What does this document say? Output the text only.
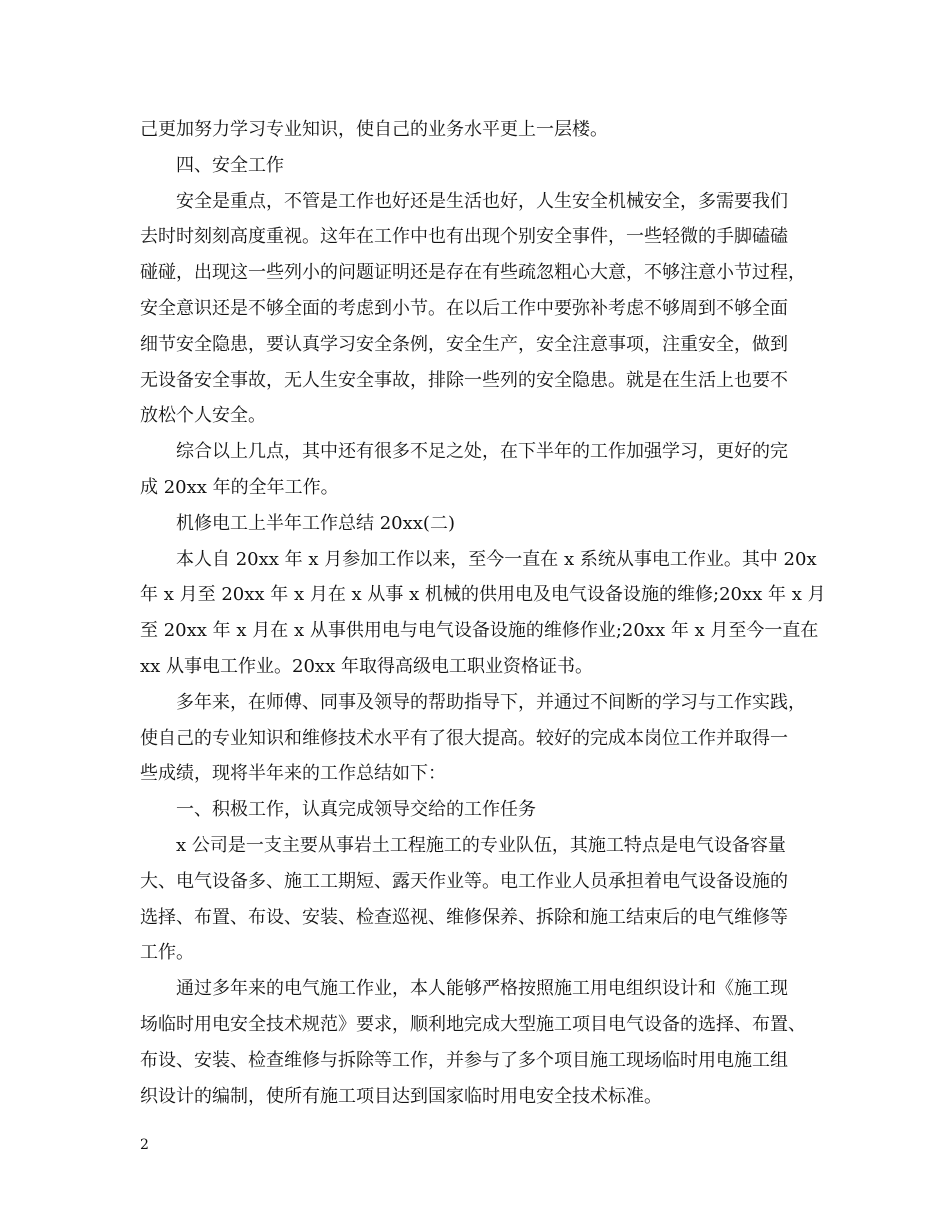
己更加努力学习专业知识，使自己的业务水平更上一层楼。
四、安全工作
安全是重点，不管是工作也好还是生活也好，人生安全机械安全，多需要我们
去时时刻刻高度重视。这年在工作中也有出现个别安全事件，一些轻微的手脚磕磕
碰碰，出现这一些列小的问题证明还是存在有些疏忽粗心大意，不够注意小节过程，
安全意识还是不够全面的考虑到小节。在以后工作中要弥补考虑不够周到不够全面
细节安全隐患，要认真学习安全条例，安全生产，安全注意事项，注重安全，做到
无设备安全事故，无人生安全事故，排除一些列的安全隐患。就是在生活上也要不
放松个人安全。
综合以上几点，其中还有很多不足之处，在下半年的工作加强学习，更好的完
成 20xx 年的全年工作。
机修电工上半年工作总结 20xx(二)
本人自 20xx 年 x 月参加工作以来，至今一直在 x 系统从事电工作业。其中 20x
年 x 月至 20xx 年 x 月在 x 从事 x 机械的供用电及电气设备设施的维修;20xx 年 x 月
至 20xx 年 x 月在 x 从事供用电与电气设备设施的维修作业;20xx 年 x 月至今一直在
xx 从事电工作业。20xx 年取得高级电工职业资格证书。
多年来，在师傅、同事及领导的帮助指导下，并通过不间断的学习与工作实践，
使自己的专业知识和维修技术水平有了很大提高。较好的完成本岗位工作并取得一
些成绩，现将半年来的工作总结如下：
一、积极工作，认真完成领导交给的工作任务
x 公司是一支主要从事岩土工程施工的专业队伍，其施工特点是电气设备容量
大、电气设备多、施工工期短、露天作业等。电工作业人员承担着电气设备设施的
选择、布置、布设、安装、检查巡视、维修保养、拆除和施工结束后的电气维修等
工作。
通过多年来的电气施工作业，本人能够严格按照施工用电组织设计和《施工现
场临时用电安全技术规范》要求，顺利地完成大型施工项目电气设备的选择、布置、
布设、安装、检查维修与拆除等工作，并参与了多个项目施工现场临时用电施工组
织设计的编制，使所有施工项目达到国家临时用电安全技术标准。
2
